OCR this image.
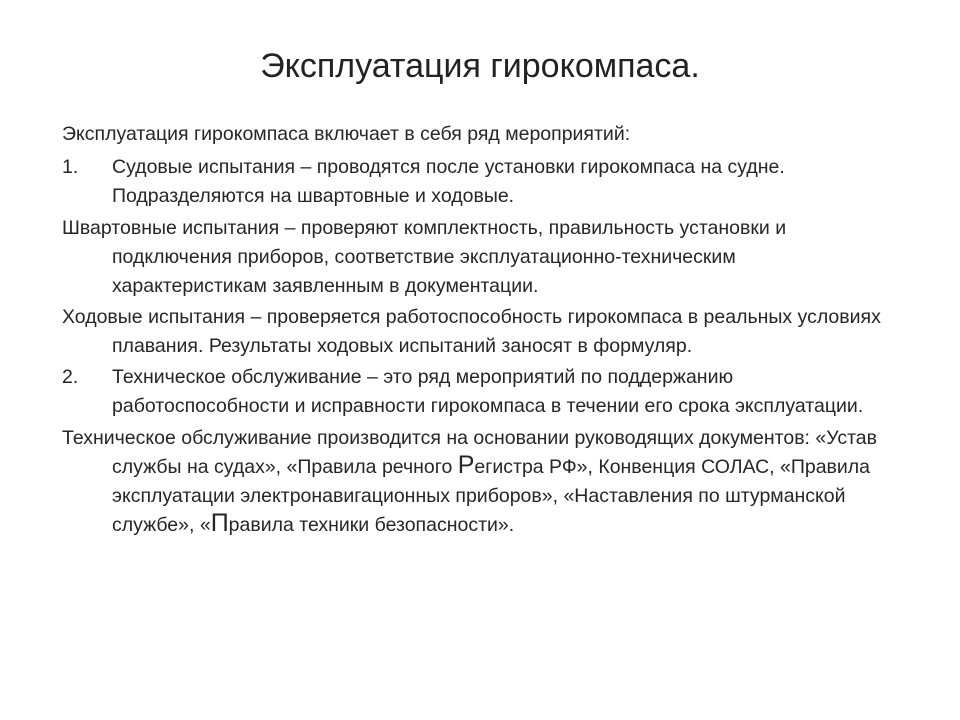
Эксплуатация гирокомпаса.

Эксплуатация гирокомпаса включает в себя ряд мероприятий:

1.	Судовые испытания – проводятся после установки гирокомпаса на судне. Подразделяются на швартовные и ходовые.

Швартовные испытания – проверяют комплектность, правильность установки и подключения приборов, соответствие эксплуатационно-техническим характеристикам заявленным в документации.

Ходовые испытания – проверяется работоспособность гирокомпаса в реальных условиях плавания. Результаты ходовых испытаний заносят в формуляр.

2.	Техническое обслуживание – это ряд мероприятий по поддержанию работоспособности и исправности гирокомпаса в течении его срока эксплуатации.

Техническое обслуживание производится на основании руководящих документов: «Устав службы на судах», «Правила речного Регистра РФ», Конвенция СОЛАС, «Правила эксплуатации электронавигационных приборов», «Наставления по штурманской службе», «Правила техники безопасности».
